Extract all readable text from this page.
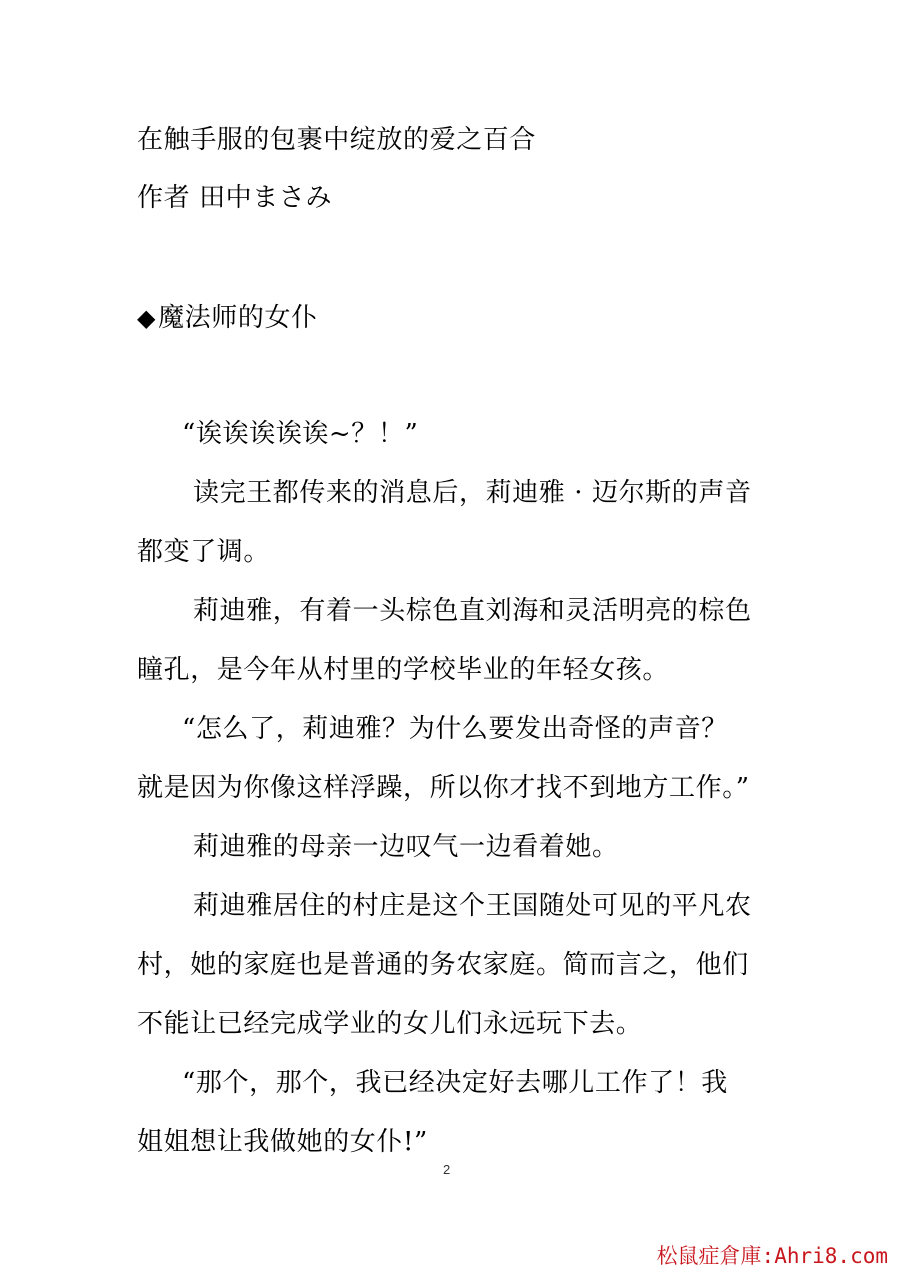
在触手服的包裹中绽放的爱之百合
作者 田中まさみ
◆魔法师的女仆
“诶诶诶诶诶~？！”
读完王都传来的消息后，莉迪雅 · 迈尔斯的声音
都变了调。
莉迪雅，有着一头棕色直刘海和灵活明亮的棕色
瞳孔，是今年从村里的学校毕业的年轻女孩。
“怎么了，莉迪雅？为什么要发出奇怪的声音？
就是因为你像这样浮躁，所以你才找不到地方工作。”
莉迪雅的母亲一边叹气一边看着她。
莉迪雅居住的村庄是这个王国随处可见的平凡农
村，她的家庭也是普通的务农家庭。简而言之，他们
不能让已经完成学业的女儿们永远玩下去。
“那个，那个，我已经决定好去哪儿工作了！我
姐姐想让我做她的女仆!”
2
松鼠症倉庫:Ahri8.com
